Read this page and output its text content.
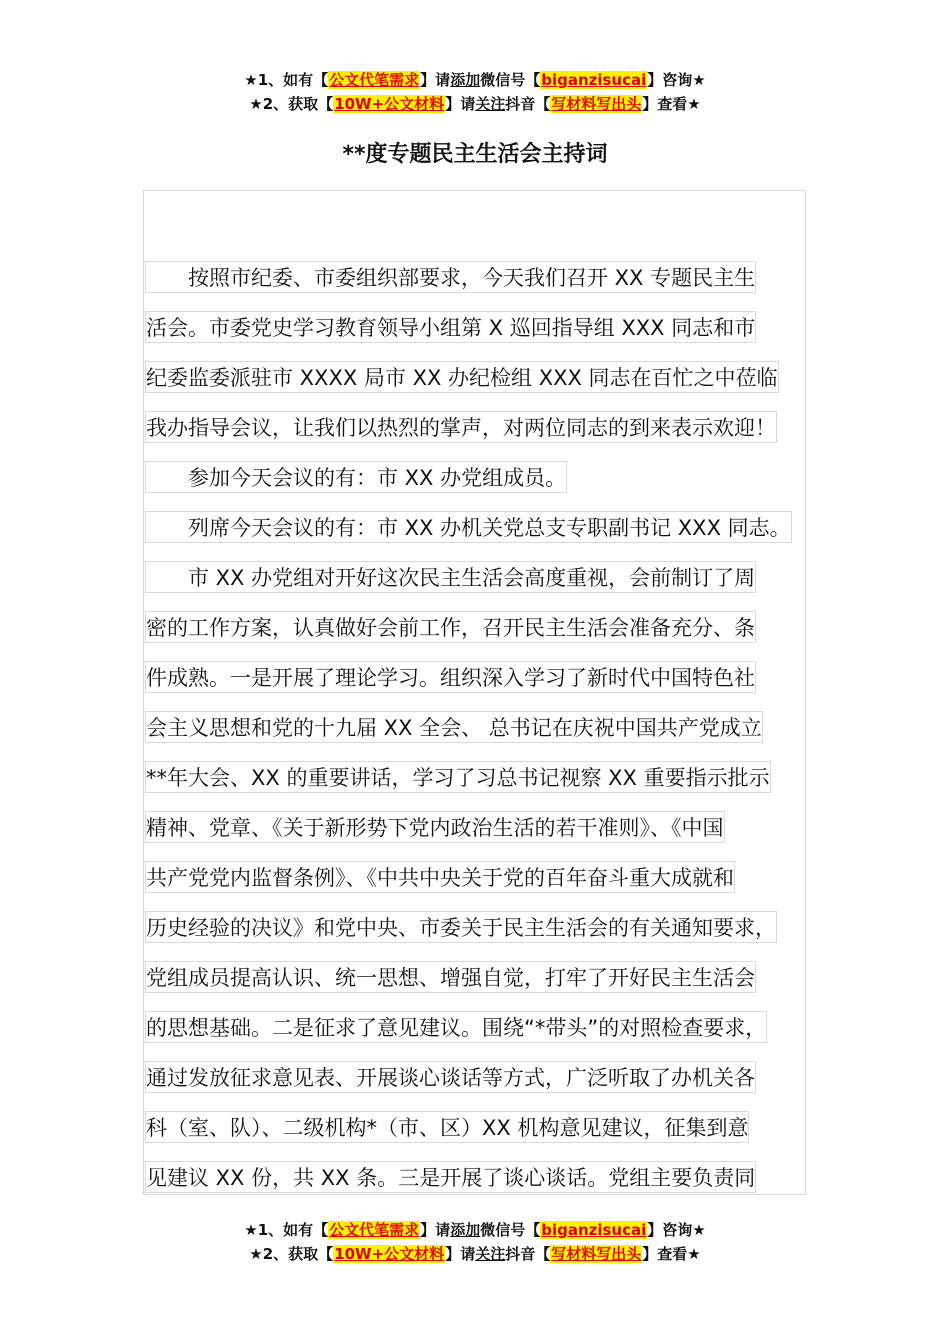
★1、如有【公文代笔需求】请添加微信号【biganzisucai】咨询★
★2、获取【10W+公文材料】请关注抖音【写材料写出头】查看★
**度专题民主生活会主持词
按照市纪委、市委组织部要求，今天我们召开 XX 专题民主生
活会。市委党史学习教育领导小组第 X 巡回指导组 XXX 同志和市
纪委监委派驻市 XXXX 局市 XX 办纪检组 XXX 同志在百忙之中莅临
我办指导会议，让我们以热烈的掌声，对两位同志的到来表示欢迎！
参加今天会议的有：市 XX 办党组成员。
列席今天会议的有：市 XX 办机关党总支专职副书记 XXX 同志。
市 XX 办党组对开好这次民主生活会高度重视，会前制订了周
密的工作方案，认真做好会前工作，召开民主生活会准备充分、条
件成熟。一是开展了理论学习。组织深入学习了新时代中国特色社
会主义思想和党的十九届 XX 全会、 总书记在庆祝中国共产党成立
**年大会、XX 的重要讲话，学习了习总书记视察 XX 重要指示批示
精神、党章、《关于新形势下党内政治生活的若干准则》、《中国
共产党党内监督条例》、《中共中央关于党的百年奋斗重大成就和
历史经验的决议》和党中央、市委关于民主生活会的有关通知要求，
党组成员提高认识、统一思想、增强自觉，打牢了开好民主生活会
的思想基础。二是征求了意见建议。围绕“*带头”的对照检查要求，
通过发放征求意见表、开展谈心谈话等方式，广泛听取了办机关各
科（室、队）、二级机构*（市、区）XX 机构意见建议，征集到意
见建议 XX 份，共 XX 条。三是开展了谈心谈话。党组主要负责同
★1、如有【公文代笔需求】请添加微信号【biganzisucai】咨询★
★2、获取【10W+公文材料】请关注抖音【写材料写出头】查看★
